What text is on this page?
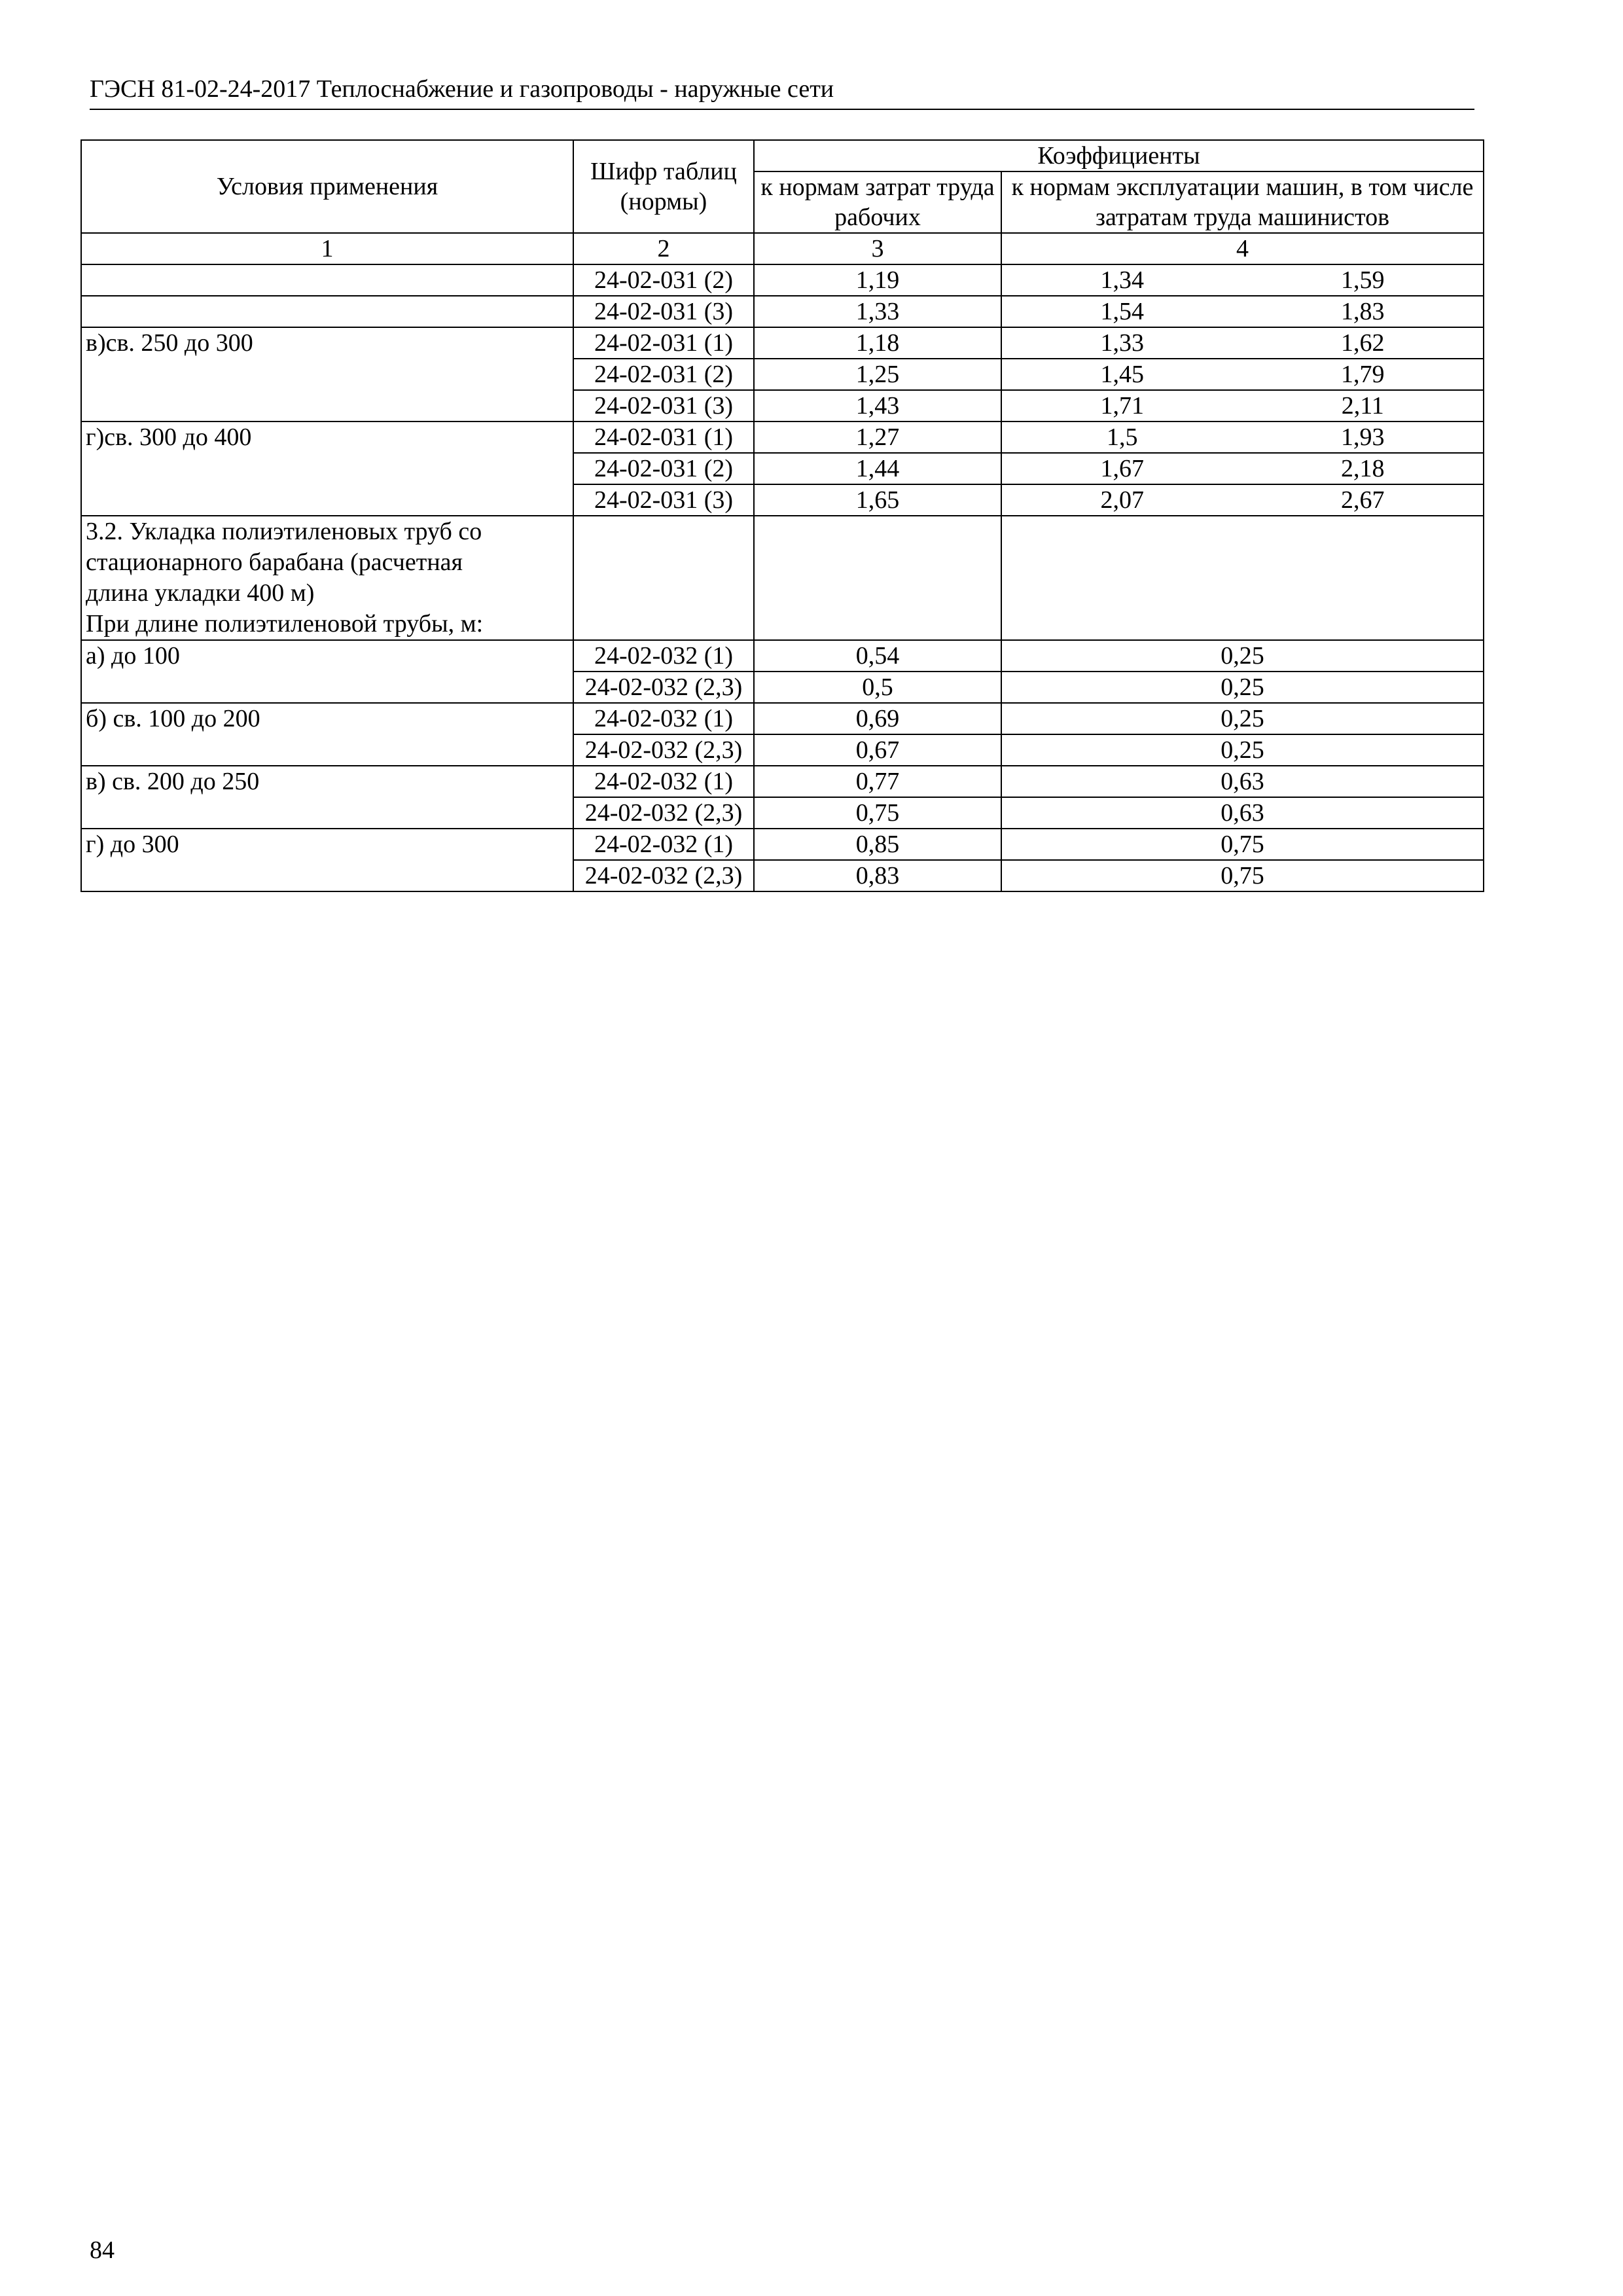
ГЭСН 81-02-24-2017 Теплоснабжение и газопроводы - наружные сети
Условия применения	Шифр таблиц (нормы)	Коэффициенты	
		к нормам затрат труда рабочих	к нормам эксплуатации машин, в том числе затратам труда машинистов
1	2	3	4
	24-02-031 (2)	1,19	1,34 1,59

	24-02-031 (3)	1,33	1,54 1,83

в)св. 250 до 300	24-02-031 (1)	1,18	1,33 1,62

	24-02-031 (2)	1,25	1,45 1,79

	24-02-031 (3)	1,43	1,71 2,11

г)св. 300 до 400	24-02-031 (1)	1,27	1,5 1,93

	24-02-031 (2)	1,44	1,67 2,18

	24-02-031 (3)	1,65	2,07 2,67

3.2. Укладка полиэтиленовых труб со
стационарного барабана (расчетная
длина укладки 400 м)
При длине полиэтиленовой трубы, м:			

а) до 100	24-02-032 (1)	0,54	0,25
	24-02-032 (2,3)	0,5	0,25
б) св. 100 до 200	24-02-032 (1)	0,69	0,25
	24-02-032 (2,3)	0,67	0,25
в) св. 200 до 250	24-02-032 (1)	0,77	0,63
	24-02-032 (2,3)	0,75	0,63
г) до 300	24-02-032 (1)	0,85	0,75
	24-02-032 (2,3)	0,83	0,75
84
